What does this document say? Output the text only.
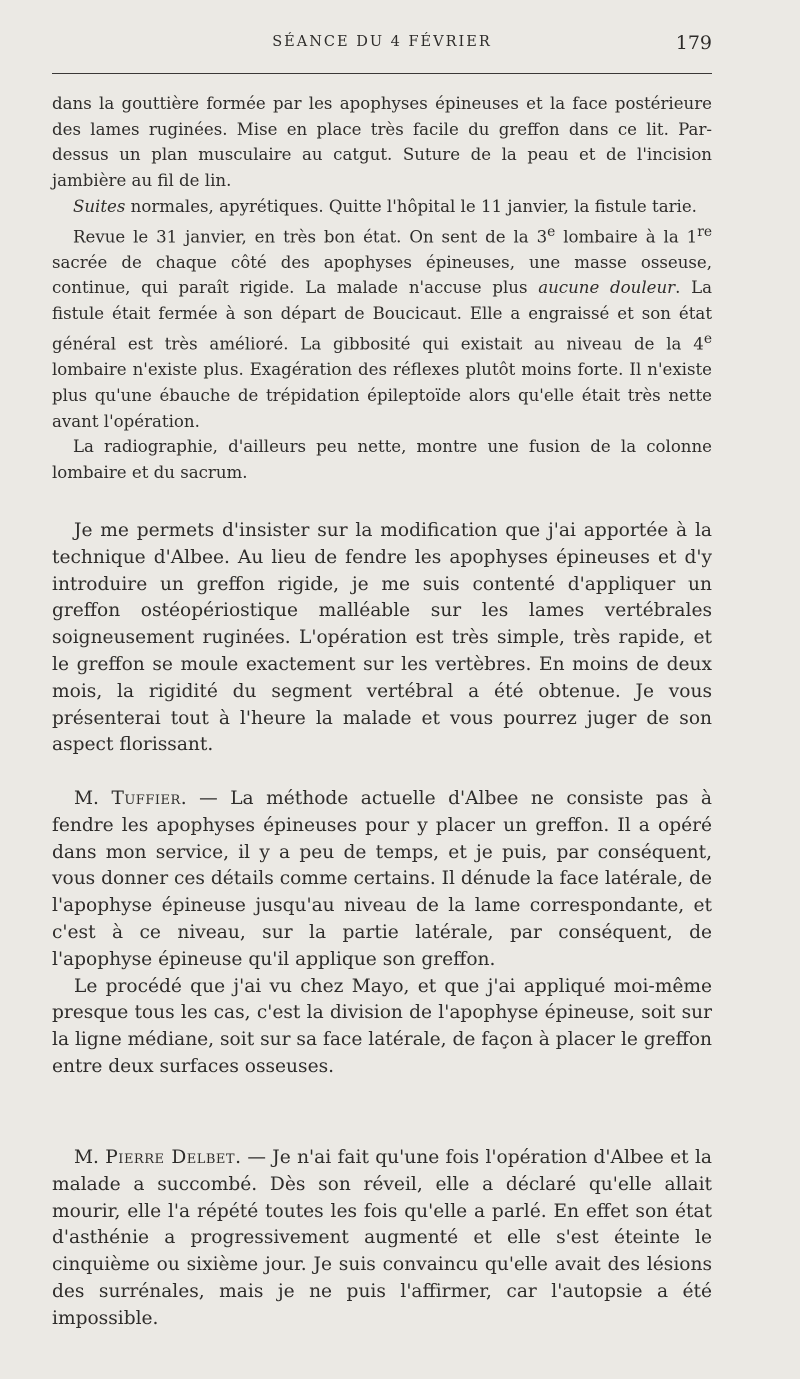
SÉANCE DU 4 FÉVRIER	179

dans la gouttière formée par les apophyses épineuses et la face postérieure des lames ruginées. Mise en place très facile du greffon dans ce lit. Par-dessus un plan musculaire au catgut. Suture de la peau et de l'incision jambière au fil de lin.

Suites normales, apyrétiques. Quitte l'hôpital le 11 janvier, la fistule tarie.

Revue le 31 janvier, en très bon état. On sent de la 3e lombaire à la 1re sacrée de chaque côté des apophyses épineuses, une masse osseuse, continue, qui paraît rigide. La malade n'accuse plus aucune douleur. La fistule était fermée à son départ de Boucicaut. Elle a engraissé et son état général est très amélioré. La gibbosité qui existait au niveau de la 4e lombaire n'existe plus. Exagération des réflexes plutôt moins forte. Il n'existe plus qu'une ébauche de trépidation épileptoïde alors qu'elle était très nette avant l'opération.

La radiographie, d'ailleurs peu nette, montre une fusion de la colonne lombaire et du sacrum.

Je me permets d'insister sur la modification que j'ai apportée à la technique d'Albee. Au lieu de fendre les apophyses épineuses et d'y introduire un greffon rigide, je me suis contenté d'appliquer un greffon ostéopériostique malléable sur les lames vertébrales soigneusement ruginées. L'opération est très simple, très rapide, et le greffon se moule exactement sur les vertèbres. En moins de deux mois, la rigidité du segment vertébral a été obtenue. Je vous présenterai tout à l'heure la malade et vous pourrez juger de son aspect florissant.

M. Tuffier. — La méthode actuelle d'Albee ne consiste pas à fendre les apophyses épineuses pour y placer un greffon. Il a opéré dans mon service, il y a peu de temps, et je puis, par conséquent, vous donner ces détails comme certains. Il dénude la face latérale, de l'apophyse épineuse jusqu'au niveau de la lame correspondante, et c'est à ce niveau, sur la partie latérale, par conséquent, de l'apophyse épineuse qu'il applique son greffon.

Le procédé que j'ai vu chez Mayo, et que j'ai appliqué moi-même presque tous les cas, c'est la division de l'apophyse épineuse, soit sur la ligne médiane, soit sur sa face latérale, de façon à placer le greffon entre deux surfaces osseuses.

M. Pierre Delbet. — Je n'ai fait qu'une fois l'opération d'Albee et la malade a succombé. Dès son réveil, elle a déclaré qu'elle allait mourir, elle l'a répété toutes les fois qu'elle a parlé. En effet son état d'asthénie a progressivement augmenté et elle s'est éteinte le cinquième ou sixième jour. Je suis convaincu qu'elle avait des lésions des surrénales, mais je ne puis l'affirmer, car l'autopsie a été impossible.
